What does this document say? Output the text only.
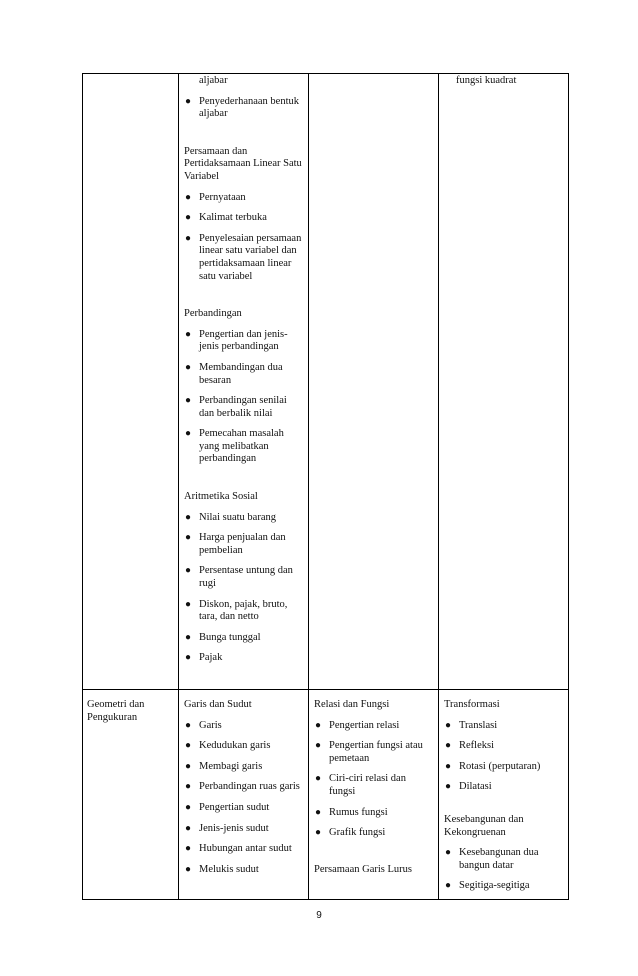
aljabar
● Penyederhanaan bentuk aljabar
Persamaan dan Pertidaksamaan Linear Satu Variabel
● Pernyataan
● Kalimat terbuka
● Penyelesaian persamaan linear satu variabel dan pertidaksamaan linear satu variabel
Perbandingan
● Pengertian dan jenis-jenis perbandingan
● Membandingan dua besaran
● Perbandingan senilai dan berbalik nilai
● Pemecahan masalah yang melibatkan perbandingan
Aritmetika Sosial
● Nilai suatu barang
● Harga penjualan dan pembelian
● Persentase untung dan rugi
● Diskon, pajak, bruto, tara, dan netto
● Bunga tunggal
● Pajak
fungsi kuadrat
Geometri dan Pengukuran
Garis dan Sudut
● Garis
● Kedudukan garis
● Membagi garis
● Perbandingan ruas garis
● Pengertian sudut
● Jenis-jenis sudut
● Hubungan antar sudut
● Melukis sudut
Relasi dan Fungsi
● Pengertian relasi
● Pengertian fungsi atau pemetaan
● Ciri-ciri relasi dan fungsi
● Rumus fungsi
● Grafik fungsi
Persamaan Garis Lurus
Transformasi
● Translasi
● Refleksi
● Rotasi (perputaran)
● Dilatasi
Kesebangunan dan Kekongruenan
● Kesebangunan dua bangun datar
● Segitiga-segitiga
9
